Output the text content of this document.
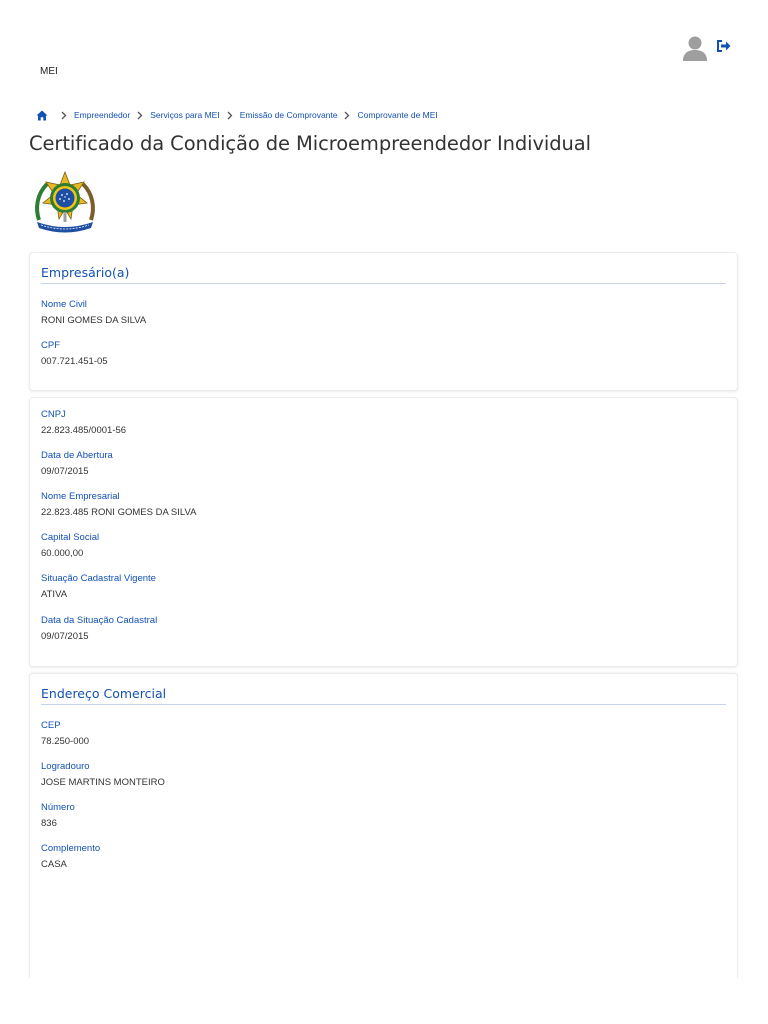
MEI
Empreendedor Serviços para MEI Emissão de Comprovante Comprovante de MEI
Certificado da Condição de Microempreendedor Individual
Empresário(a)
Nome Civil
RONI GOMES DA SILVA
CPF
007.721.451-05
CNPJ
22.823.485/0001-56
Data de Abertura
09/07/2015
Nome Empresarial
22.823.485 RONI GOMES DA SILVA
Capital Social
60.000,00
Situação Cadastral Vigente
ATIVA
Data da Situação Cadastral
09/07/2015
Endereço Comercial
CEP
78.250-000
Logradouro
JOSE MARTINS MONTEIRO
Número
836
Complemento
CASA
